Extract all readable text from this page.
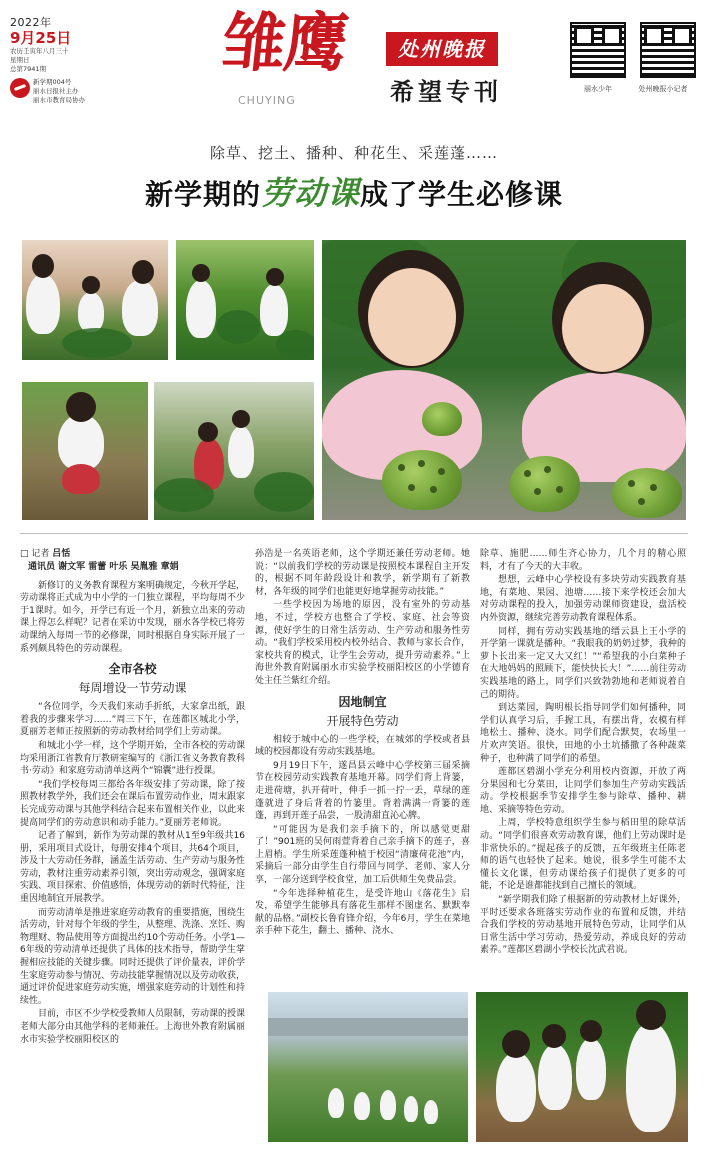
2022年
9月25日
农历壬寅年八月三十
星期日
总第7941期
新学期004号
丽水日报社主办
丽水市教育局协办
雏鹰
CHUYING
处州晚报
希望专刊	丽水少年	处州晚报小记者
除草、挖土、播种、种花生、采莲蓬……
新学期的劳动课成了学生必修课
□ 记者 吕恬
通讯员 谢文军 雷蕾 叶乐 吴胤雅 章娟

新修订的义务教育课程方案明确规定，今秋开学起，劳动课将正式成为中小学的一门独立课程，平均每周不少于1课时。如今，开学已有近一个月，新独立出来的劳动课上得怎么样呢？记者在采访中发现，丽水各学校已将劳动课纳入每周一节的必修课，同时根据自身实际开展了一系列颇具特色的劳动课程。

全市各校
每周增设一节劳动课

“各位同学，今天我们来动手折纸，大家拿出纸，跟着我的步骤来学习……”周三下午，在莲都区城北小学，夏丽芳老师正按照新的劳动教材给同学们上劳动课。

和城北小学一样，这个学期开始，全市各校的劳动课均采用浙江省教育厅教研室编写的《浙江省义务教育教科书·劳动》和家庭劳动清单这两个“锦囊”进行授课。

“我们学校每周三都给各年级安排了劳动课，除了按照教材教学外，我们还会在课后布置劳动作业，周末跟家长完成劳动课与其他学科结合起来布置相关作业，以此来提高同学们的劳动意识和动手能力。”夏丽芳老师说。

记者了解到，新作为劳动课的教材从1至9年级共16册，采用项目式设计，每册安排4个项目，共64个项目，涉及十大劳动任务群，涵盖生活劳动、生产劳动与服务性劳动，教材注重劳动素养引领，突出劳动观念，强调家庭实践、项目探索、价值感悟，体现劳动的新时代特征，注重因地制宜开展教学。

而劳动清单是推进家庭劳动教育的重要措施，围绕生活劳动，针对每个年级的学生，从整理、洗涤、烹饪、购物理财、物品使用等方面提出约10个劳动任务。小学1—6年级的劳动清单还提供了具体的技术指导，帮助学生掌握相应技能的关键步骤。同时还提供了评价量表，评价学生家庭劳动参与情况、劳动技能掌握情况以及劳动收获，通过评价促进家庭劳动实施，增强家庭劳动的计划性和持续性。

目前，市区不少学校受教师人员限制，劳动课的授课老师大部分由其他学科的老师兼任。上海世外教育附属丽水市实验学校丽阳校区的

孙浩是一名英语老师，这个学期还兼任劳动老师。她说：“以前我们学校的劳动课是按照校本课程自主开发的，根据不同年龄段设计和教学，新学期有了新教材，各年级的同学们也能更好地掌握劳动技能。”

一些学校因为场地的原因，没有室外的劳动基地，不过，学校方也整合了学校、家庭、社会等资源，使好学生的日常生活劳动、生产劳动和服务性劳动。“我们学校采用校内校外结合、教师与家长合作，家校共育的模式，让学生会劳动，提升劳动素养。”上海世外教育附属丽水市实验学校丽阳校区的小学德育处主任兰紫红介绍。

因地制宜
开展特色劳动

相较于城中心的一些学校，在城郊的学校或者县域的校园都设有劳动实践基地。

9月19日下午，遂昌县云峰中心学校第三届采摘节在校园劳动实践教育基地开幕。同学们背上背篓，走进荷塘，扒开荷叶，伸手一抓一拧一丢，草绿的莲蓬就进了身后背着的竹篓里。背着满满一背篓的莲蓬，再到开莲子品尝，一股清甜直沁心脾。

“可能因为是我们亲手摘下的，所以感觉更甜了！”901班的吴何雨萱背着自己亲手摘下的莲子，喜上眉梢。学生所采莲蓬种植于校园“清廉荷花池”内，采摘后一部分由学生自行带回与同学、老师、家人分享，一部分送到学校食堂，加工后供师生免费品尝。

“今年选择种植花生，是受许地山《落花生》启发，希望学生能够具有落花生那样不图虚名、默默奉献的品格。”副校长鲁育锋介绍，今年6月，学生在菜地亲手种下花生，翻土、播种、浇水、

除草、施肥……师生齐心协力，几个月的精心照料，才有了今天的大丰收。

想想，云峰中心学校设有多块劳动实践教育基地，有菜地、果园、池塘……接下来学校还会加大对劳动课程的投入，加强劳动课师资建设，盘活校内外资源，继续完善劳动教育课程体系。

同样，拥有劳动实践基地的缙云县上王小学的开学第一课就是播种。“我眼我的奶奶过梦，我种的萝卜长出来一定又大又红！”“希望我的小白菜种子在大地妈妈的照顾下，能快快长大！”……前往劳动实践基地的路上，同学们兴致勃勃地和老师说着自己的期待。

到达菜园，陶明根长指导同学们如何播种，同学们认真学习后，手握工具，有摆出背，农模有样地松土、播种、浇水。同学们配合默契，农场里一片欢声笑语。很快，田地的小土坑播撒了各种蔬菜种子，也种满了同学们的希望。

莲都区碧湖小学充分利用校内资源，开放了两分果园和七分菜田，让同学们参加生产劳动实践活动。学校根据季节安排学生参与除草、播种、耕地、采摘等特色劳动。

上周，学校特意组织学生参与稻田里的除草活动。“同学们很喜欢劳动教育课，他们上劳动课时是非常快乐的。”提起孩子的反馈，五年级班主任陈老师的语气也轻快了起来。她说，很多学生可能不太懂长文化课，但劳动课给孩子们提供了更多的可能，不论是谁都能找到自己擅长的领域。

“新学期我们除了根据新的劳动教材上好课外，平时还要求各班落实劳动作业的布置和反馈，并结合我们学校的劳动基地开展特色劳动，让同学们从日常生活中学习劳动，热爱劳动，养成良好的劳动素养。”莲都区碧湖小学校长沈武君说。
